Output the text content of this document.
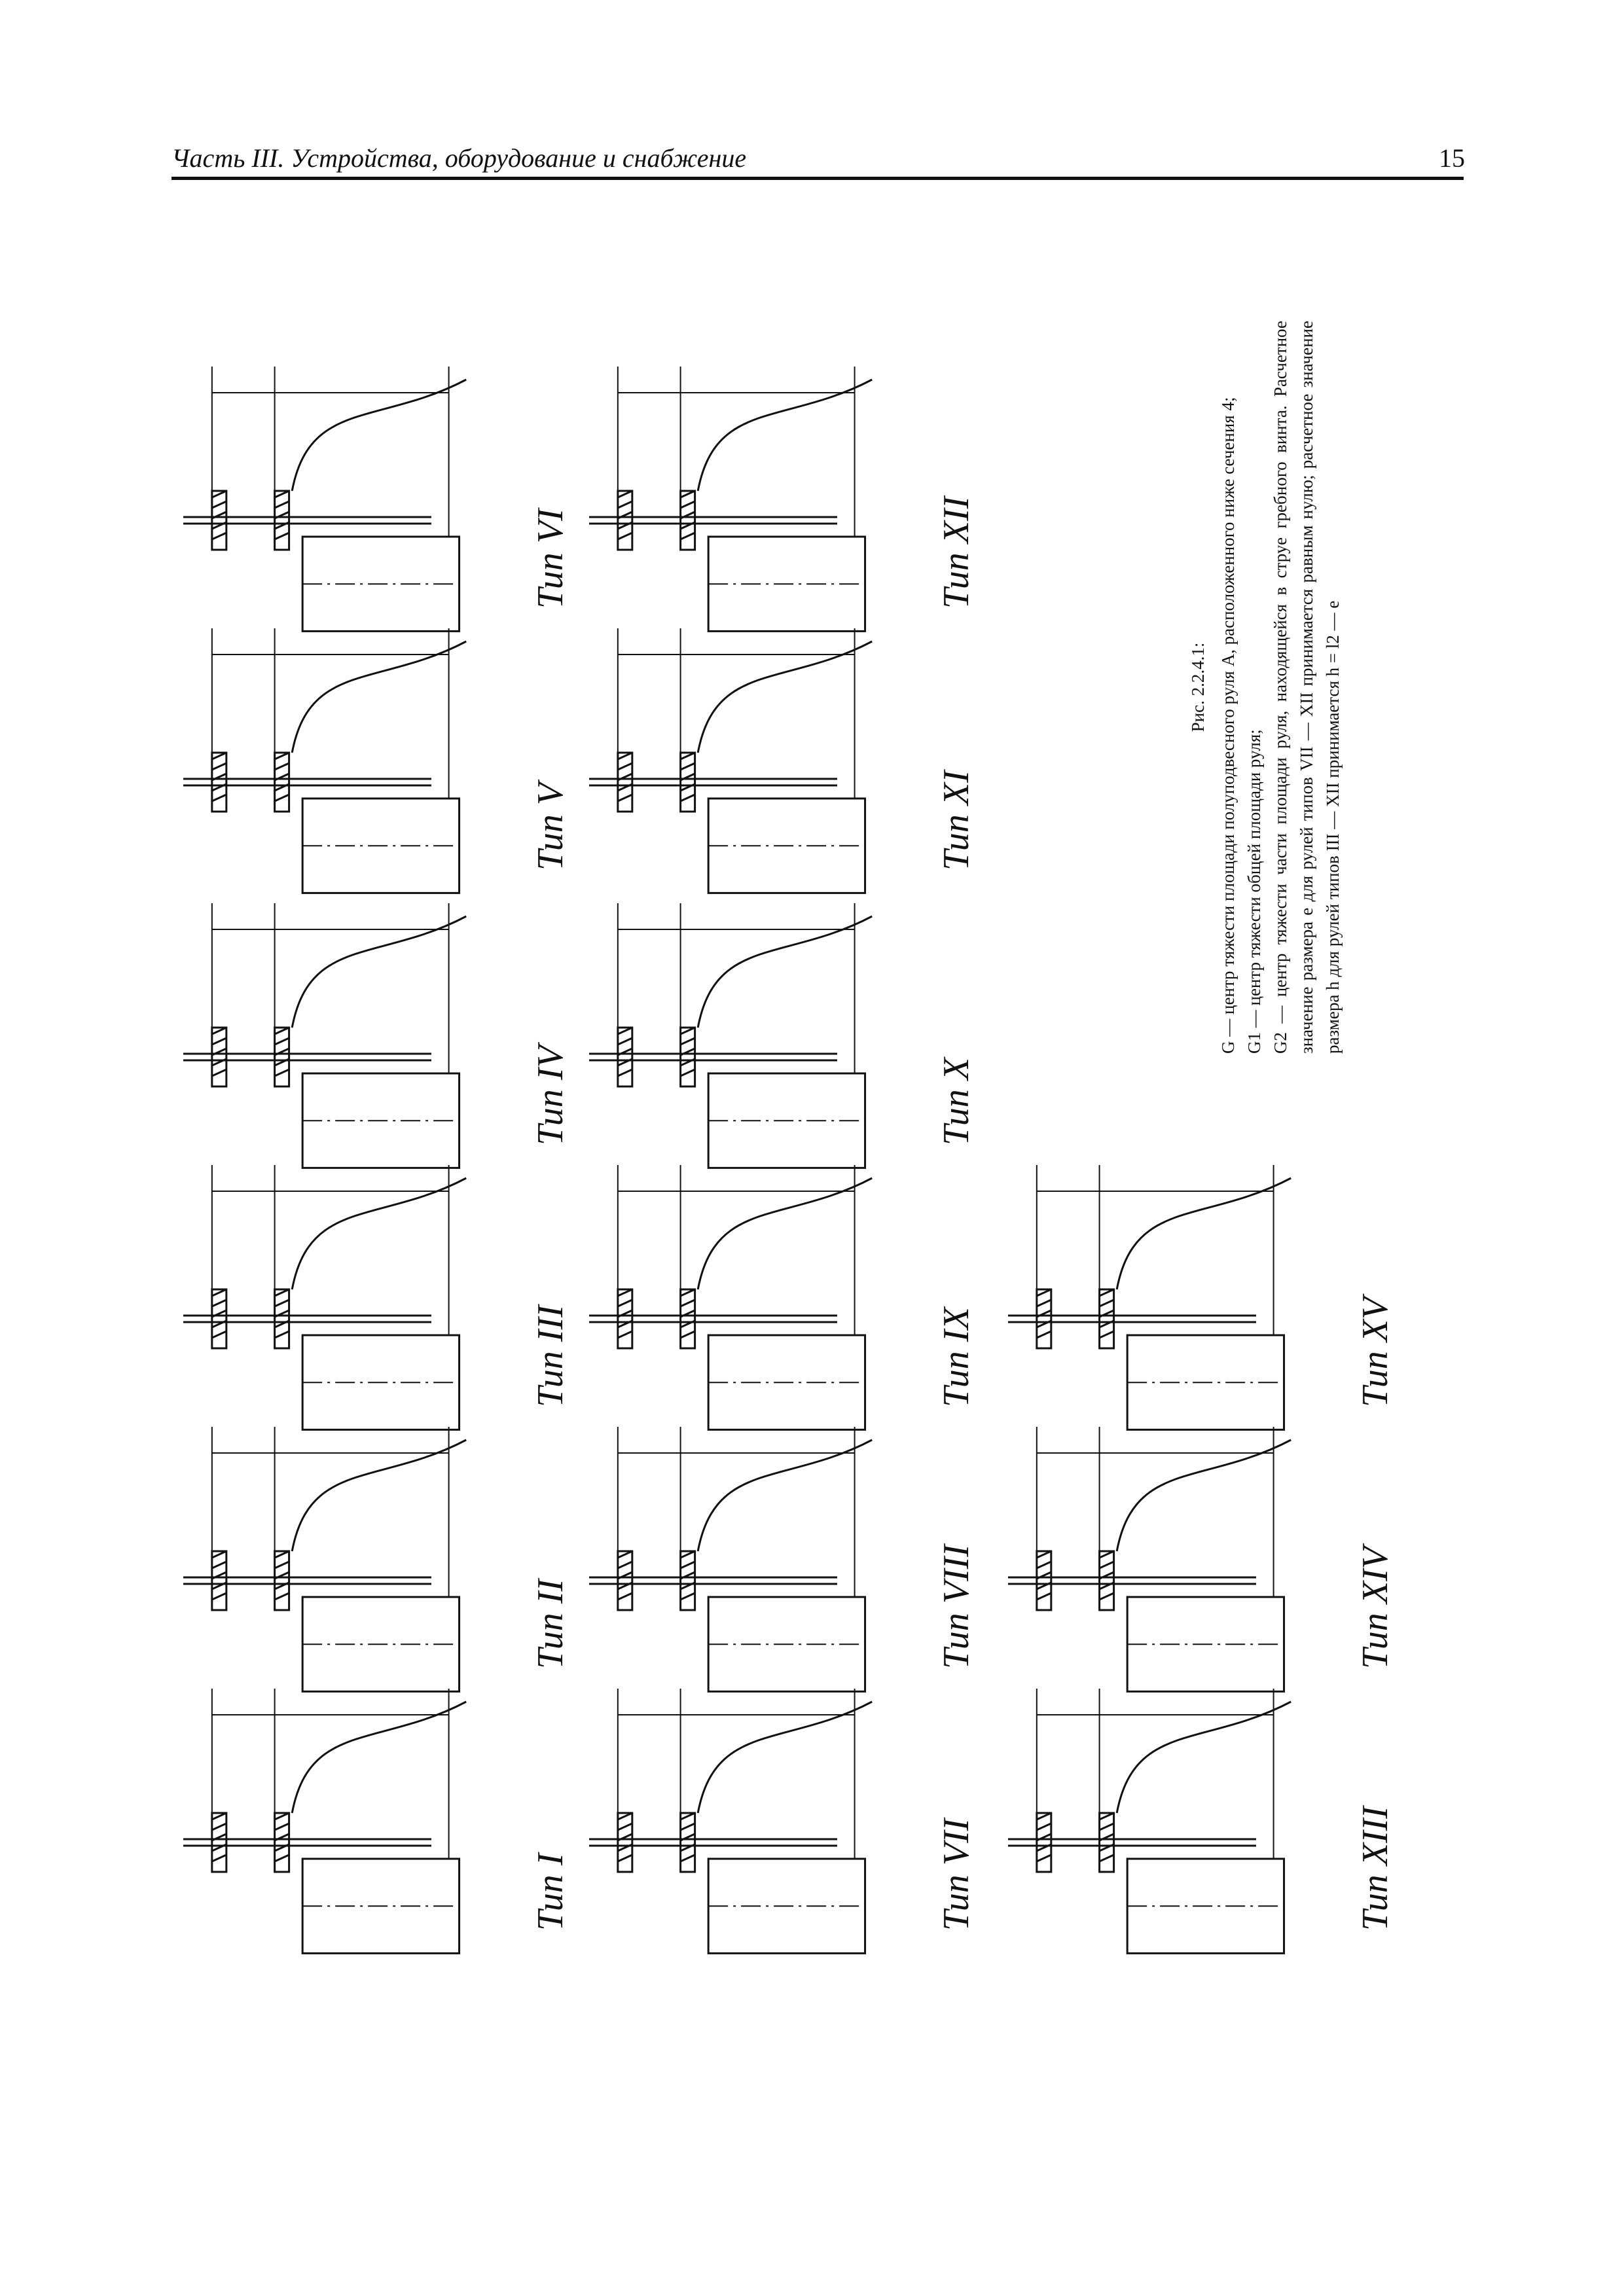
Часть III. Устройства, оборудование и снабжение	15
Тип I
Тип II
Тип III
Тип IV
Тип V
Тип VI
Тип VII
Тип VIII
Тип IX
Тип X
Тип XI
Тип XII
Тип XIII
Тип XIV
Тип XV
Рис. 2.2.4.1: G — центр тяжести площади полуподвесного руля А, расположенного ниже сечения 4; G1 — центр тяжести общей площади руля; G2 — центр тяжести части площади руля, находящейся в струе гребного винта. Расчетное значение размера e для рулей типов VII — XII принимается равным нулю; расчетное значение размера h для рулей типов III — XII принимается h = l2 — e
